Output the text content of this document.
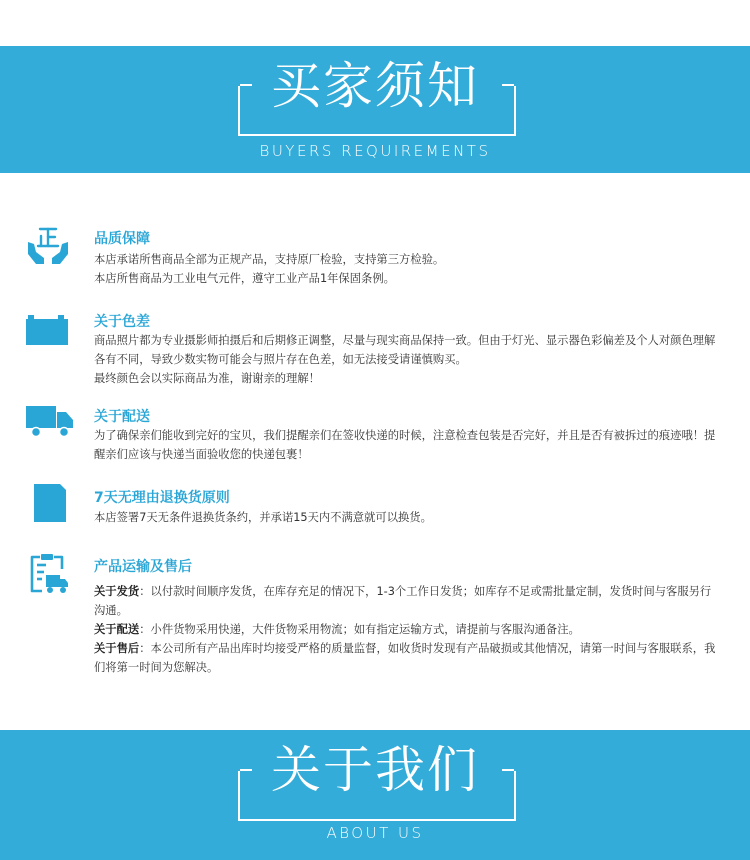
买家须知
BUYERS REQUIREMENTS
品质保障

本店承诺所售商品全部为正规产品，支持原厂检验，支持第三方检验。

本店所售商品为工业电气元件，遵守工业产品1年保固条例。

关于色差

商品照片都为专业摄影师拍摄后和后期修正调整，尽量与现实商品保持一致。但由于灯光、显示器色彩偏差及个人对颜色理解各有不同，导致少数实物可能会与照片存在色差，如无法接受请谨慎购买。

最终颜色会以实际商品为准，谢谢亲的理解！

关于配送

为了确保亲们能收到完好的宝贝，我们提醒亲们在签收快递的时候，注意检查包装是否完好，并且是否有被拆过的痕迹哦！提醒亲们应该与快递当面验收您的快递包裹！

7天无理由退换货原则

本店签署7天无条件退换货条约，并承诺15天内不满意就可以换货。

产品运输及售后

关于发货：以付款时间顺序发货，在库存充足的情况下，1-3个工作日发货；如库存不足或需批量定制，发货时间与客服另行沟通。

关于配送：小件货物采用快递，大件货物采用物流；如有指定运输方式，请提前与客服沟通备注。

关于售后：本公司所有产品出库时均接受严格的质量监督，如收货时发现有产品破损或其他情况，请第一时间与客服联系，我们将第一时间为您解决。

关于我们
ABOUT US
